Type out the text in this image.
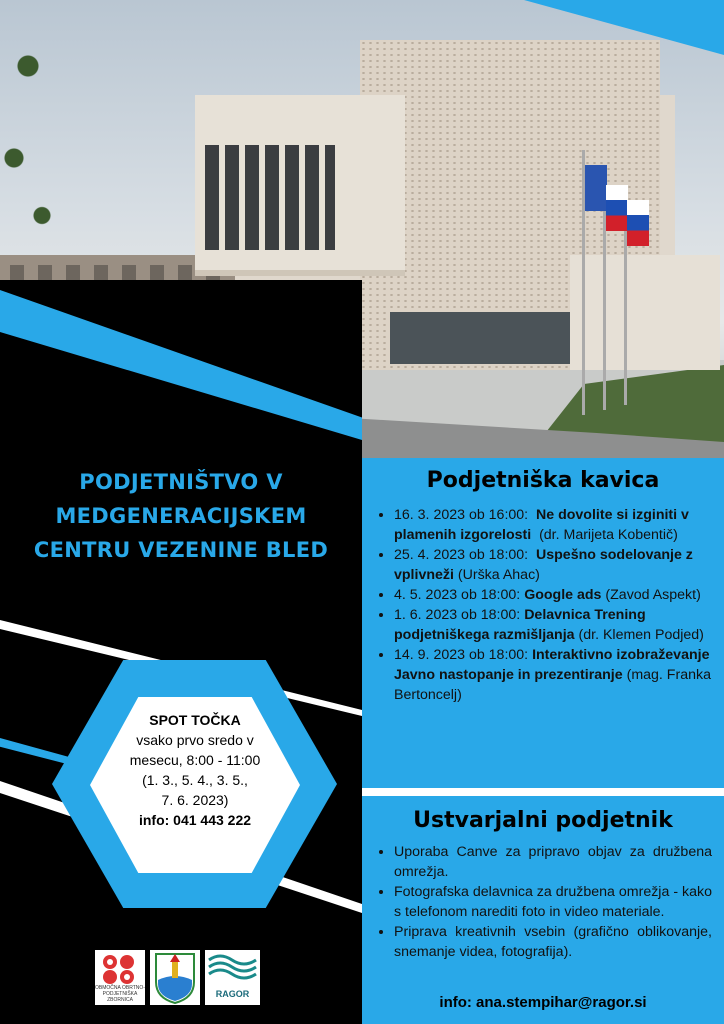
PODJETNIŠTVO V
MEDGENERACIJSKEM
CENTRU VEZENINE BLED
SPOT TOČKA
vsako prvo sredo v
mesecu, 8:00 - 11:00
(1. 3., 5. 4., 3. 5.,
7. 6. 2023)
info: 041 443 222
OBMOČNA OBRTNO-PODJETNIŠKA ZBORNICA
RAGOR
Podjetniška kavica
• 16. 3. 2023 ob 16:00: Ne dovolite si izginiti v plamenih izgorelosti (dr. Marijeta Kobentič)
• 25. 4. 2023 ob 18:00: Uspešno sodelovanje z vplivneži (Urška Ahac)
• 4. 5. 2023 ob 18:00: Google ads (Zavod Aspekt)
• 1. 6. 2023 ob 18:00: Delavnica Trening podjetniškega razmišljanja (dr. Klemen Podjed)
• 14. 9. 2023 ob 18:00: Interaktivno izobraževanje Javno nastopanje in prezentiranje (mag. Franka Bertoncelj)
Ustvarjalni podjetnik
• Uporaba Canve za pripravo objav za družbena omrežja.
• Fotografska delavnica za družbena omrežja - kako s telefonom narediti foto in video materiale.
• Priprava kreativnih vsebin (grafično oblikovanje, snemanje videa, fotografija).
info: ana.stempihar@ragor.si
